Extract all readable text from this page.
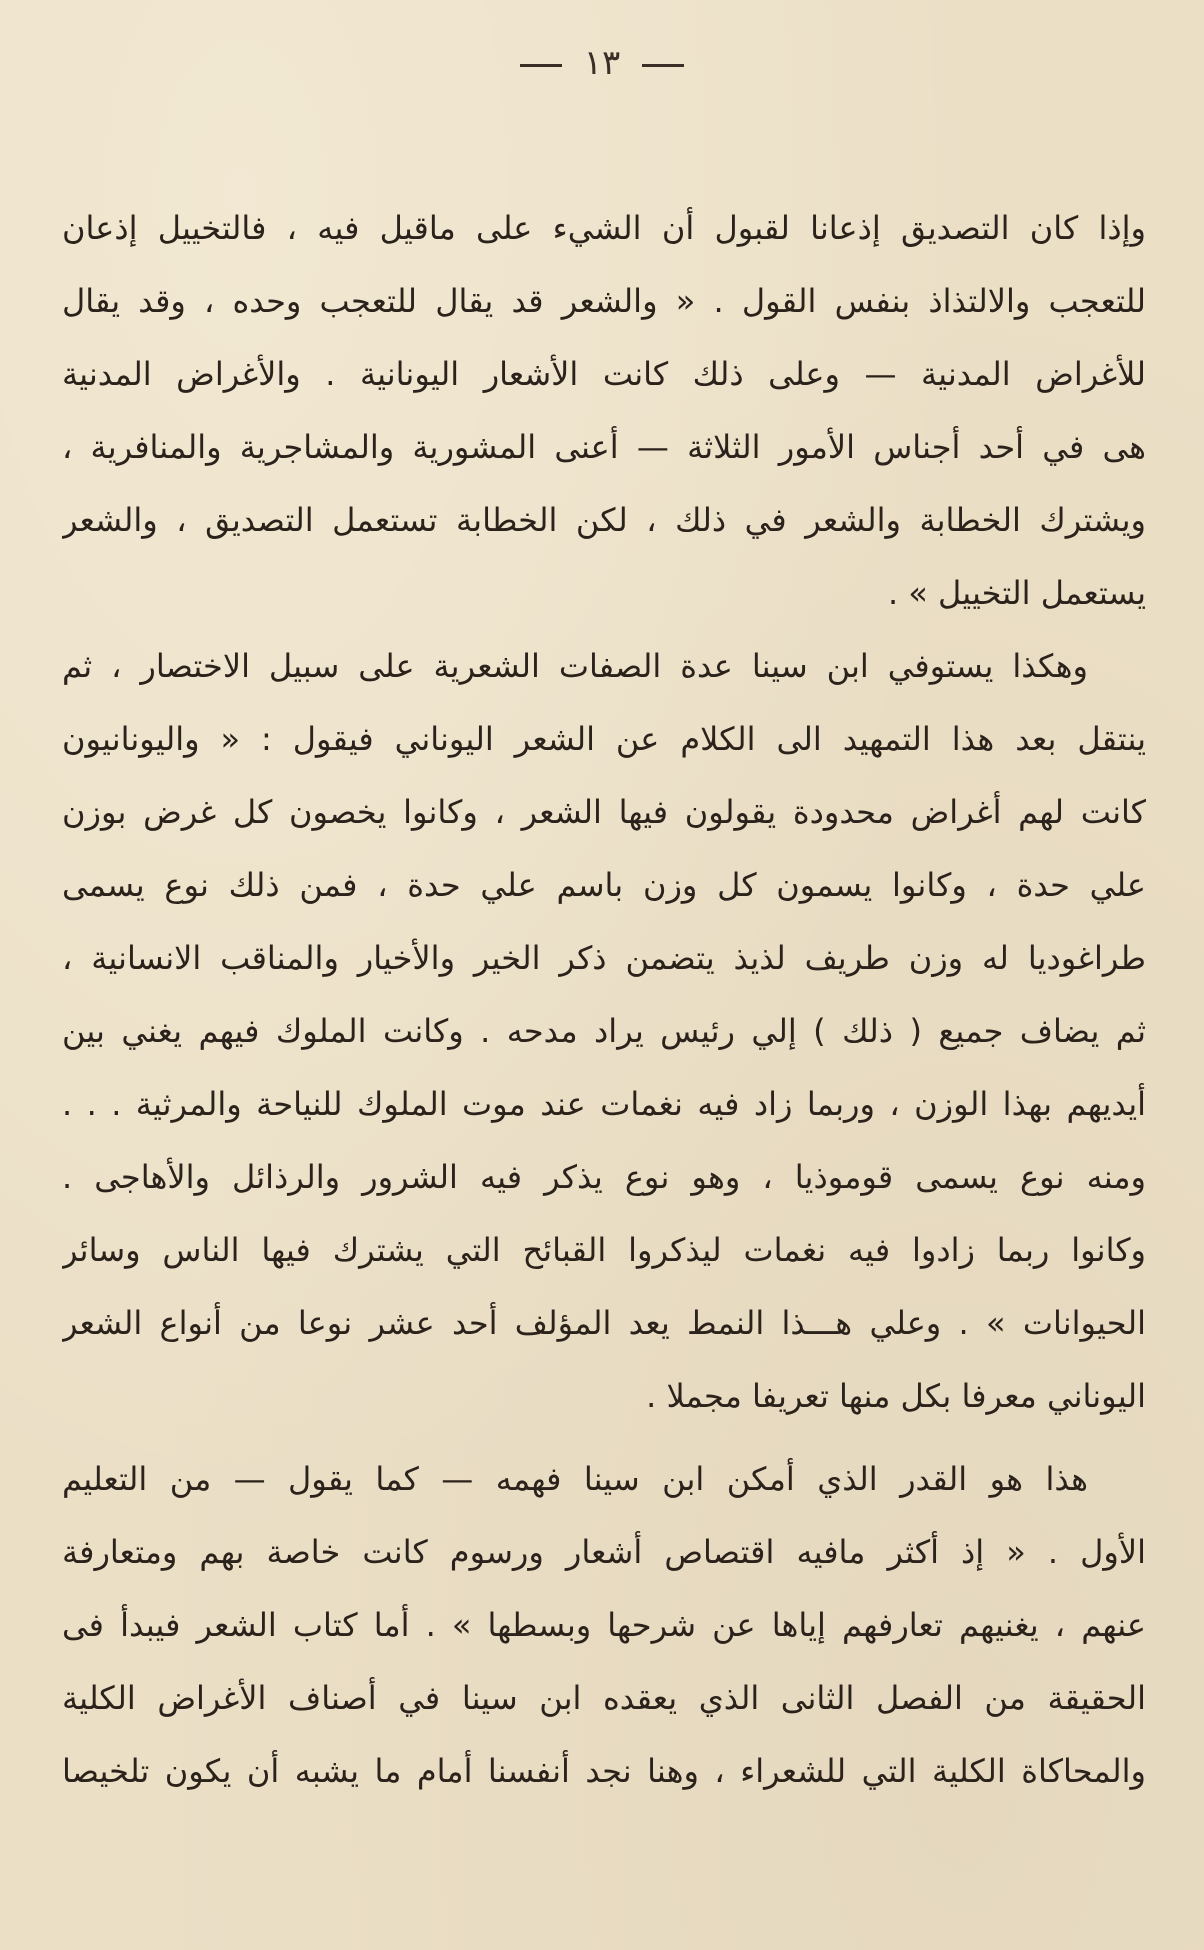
١٣
وإذا كان التصديق إذعانا لقبول أن الشيء على ماقيل فيه ، فالتخييل إذعان
للتعجب والالتذاذ بنفس القول . « والشعر قد يقال للتعجب وحده ، وقد يقال
للأغراض المدنية — وعلى ذلك كانت الأشعار اليونانية . والأغراض المدنية
هى في أحد أجناس الأمور الثلاثة — أعنى المشورية والمشاجرية والمنافرية ،
ويشترك الخطابة والشعر في ذلك ، لكن الخطابة تستعمل التصديق ، والشعر
يستعمل التخييل » .
وهكذا يستوفي ابن سينا عدة الصفات الشعرية على سبيل الاختصار ، ثم
ينتقل بعد هذا التمهيد الى الكلام عن الشعر اليوناني فيقول : « واليونانيون
كانت لهم أغراض محدودة يقولون فيها الشعر ، وكانوا يخصون كل غرض بوزن
علي حدة ، وكانوا يسمون كل وزن باسم علي حدة ، فمن ذلك نوع يسمى
طراغوديا له وزن طريف لذيذ يتضمن ذكر الخير والأخيار والمناقب الانسانية ،
ثم يضاف جميع ( ذلك ) إلي رئيس يراد مدحه . وكانت الملوك فيهم يغني بين
أيديهم بهذا الوزن ، وربما زاد فيه نغمات عند موت الملوك للنياحة والمرثية . . .
ومنه نوع يسمى قوموذيا ، وهو نوع يذكر فيه الشرور والرذائل والأهاجى .
وكانوا ربما زادوا فيه نغمات ليذكروا القبائح التي يشترك فيها الناس وسائر
الحيوانات » . وعلي هـــذا النمط يعد المؤلف أحد عشر نوعا من أنواع الشعر
اليوناني معرفا بكل منها تعريفا مجملا .
هذا هو القدر الذي أمكن ابن سينا فهمه — كما يقول — من التعليم
الأول . « إذ أكثر مافيه اقتصاص أشعار ورسوم كانت خاصة بهم ومتعارفة
عنهم ، يغنيهم تعارفهم إياها عن شرحها وبسطها » . أما كتاب الشعر فيبدأ فى
الحقيقة من الفصل الثانى الذي يعقده ابن سينا في أصناف الأغراض الكلية
والمحاكاة الكلية التي للشعراء ، وهنا نجد أنفسنا أمام ما يشبه أن يكون تلخيصا
